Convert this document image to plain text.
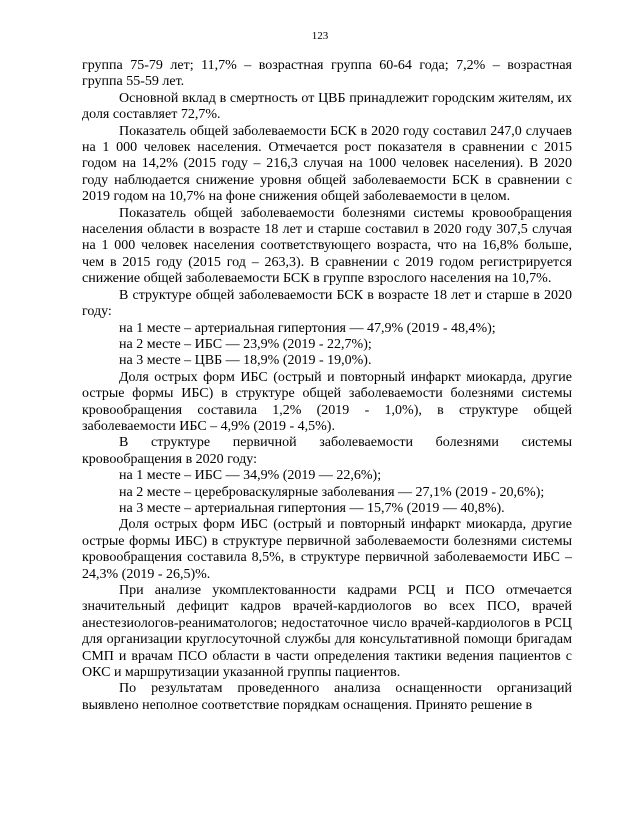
123

группа 75-79 лет; 11,7% – возрастная группа 60-64 года; 7,2% – возрастная группа 55-59 лет.

Основной вклад в смертность от ЦВБ принадлежит городским жителям, их доля составляет 72,7%.

Показатель общей заболеваемости БСК в 2020 году составил 247,0 случаев на 1 000 человек населения. Отмечается рост показателя в сравнении с 2015 годом на 14,2% (2015 году – 216,3 случая на 1000 человек населения). В 2020 году наблюдается снижение уровня общей заболеваемости БСК в сравнении с 2019 годом на 10,7% на фоне снижения общей заболеваемости в целом.

Показатель общей заболеваемости болезнями системы кровообращения населения области в возрасте 18 лет и старше составил в 2020 году 307,5 случая на 1 000 человек населения соответствующего возраста, что на 16,8% больше, чем в 2015 году (2015 год – 263,3). В сравнении с 2019 годом регистрируется снижение общей заболеваемости БСК в группе взрослого населения на 10,7%.

В структуре общей заболеваемости БСК в возрасте 18 лет и старше в 2020 году:

на 1 месте – артериальная гипертония — 47,9% (2019 - 48,4%);

на 2 месте – ИБС — 23,9% (2019 - 22,7%);

на 3 месте – ЦВБ — 18,9% (2019 - 19,0%).

Доля острых форм ИБС (острый и повторный инфаркт миокарда, другие острые формы ИБС) в структуре общей заболеваемости болезнями системы кровообращения составила 1,2% (2019 - 1,0%), в структуре общей заболеваемости ИБС – 4,9% (2019 - 4,5%).

В структуре первичной заболеваемости болезнями системы кровообращения в 2020 году:

на 1 месте – ИБС — 34,9% (2019 — 22,6%);

на 2 месте – цереброваскулярные заболевания — 27,1% (2019 - 20,6%);

на 3 месте – артериальная гипертония — 15,7% (2019 — 40,8%).

Доля острых форм ИБС (острый и повторный инфаркт миокарда, другие острые формы ИБС) в структуре первичной заболеваемости болезнями системы кровообращения составила 8,5%, в структуре первичной заболеваемости ИБС –24,3% (2019 - 26,5)%.

При анализе укомплектованности кадрами РСЦ и ПСО отмечается значительный дефицит кадров врачей-кардиологов во всех ПСО, врачей анестезиологов-реаниматологов; недостаточное число врачей-кардиологов в РСЦ для организации круглосуточной службы для консультативной помощи бригадам СМП и врачам ПСО области в части определения тактики ведения пациентов с ОКС и маршрутизации указанной группы пациентов.

По результатам проведенного анализа оснащенности организаций выявлено неполное соответствие порядкам оснащения. Принято решение в
